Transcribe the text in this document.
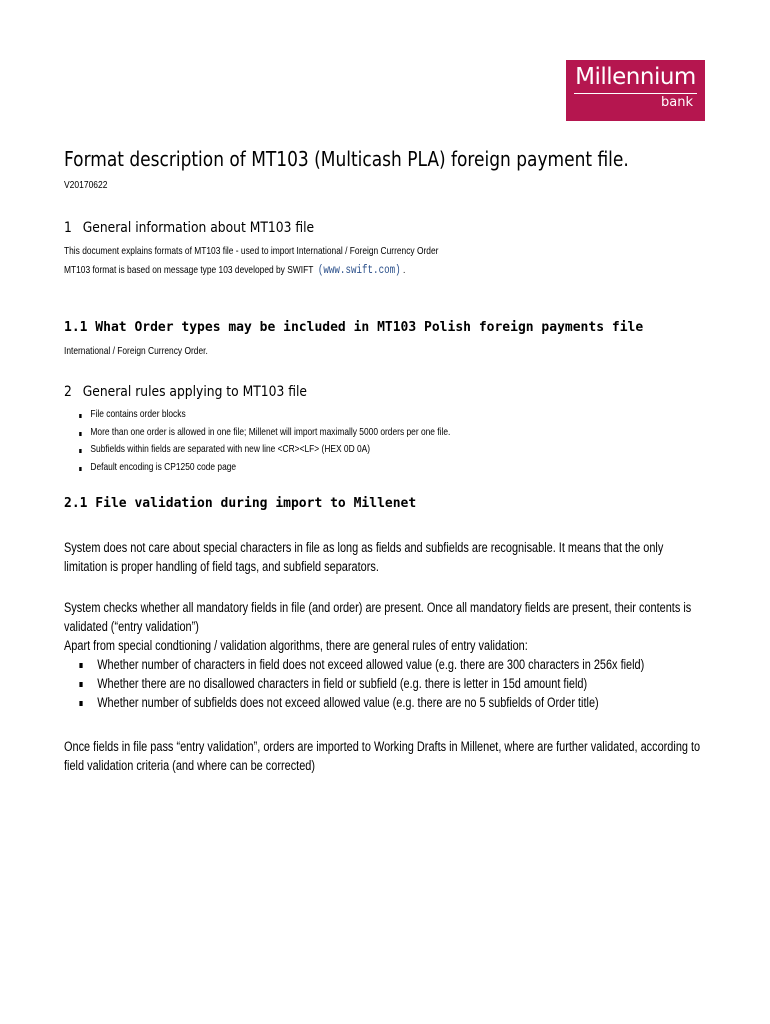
Millennium
bank
Format description of MT103 (Multicash PLA) foreign payment file.
V20170622
1 General information about MT103 file
This document explains formats of MT103 file - used to import International / Foreign Currency Order
MT103 format is based on message type 103 developed by SWIFT (www.swift.com) .
1.1 What Order types may be included in MT103 Polish foreign payments file
International / Foreign Currency Order.
2 General rules applying to MT103 file
File contains order blocks
More than one order is allowed in one file; Millenet will import maximally 5000 orders per one file.
Subfields within fields are separated with new line <CR><LF> (HEX 0D 0A)
Default encoding is CP1250 code page
2.1 File validation during import to Millenet
System does not care about special characters in file as long as fields and subfields are recognisable. It means that the only limitation is proper handling of field tags, and subfield separators.
System checks whether all mandatory fields in file (and order) are present. Once all mandatory fields are present, their contents is validated (“entry validation”)
Apart from special condtioning / validation algorithms, there are general rules of entry validation:
Whether number of characters in field does not exceed allowed value (e.g. there are 300 characters in 256x field)
Whether there are no disallowed characters in field or subfield (e.g. there is letter in 15d amount field)
Whether number of subfields does not exceed allowed value (e.g. there are no 5 subfields of Order title)
Once fields in file pass “entry validation”, orders are imported to Working Drafts in Millenet, where are further validated, according to field validation criteria (and where can be corrected)
